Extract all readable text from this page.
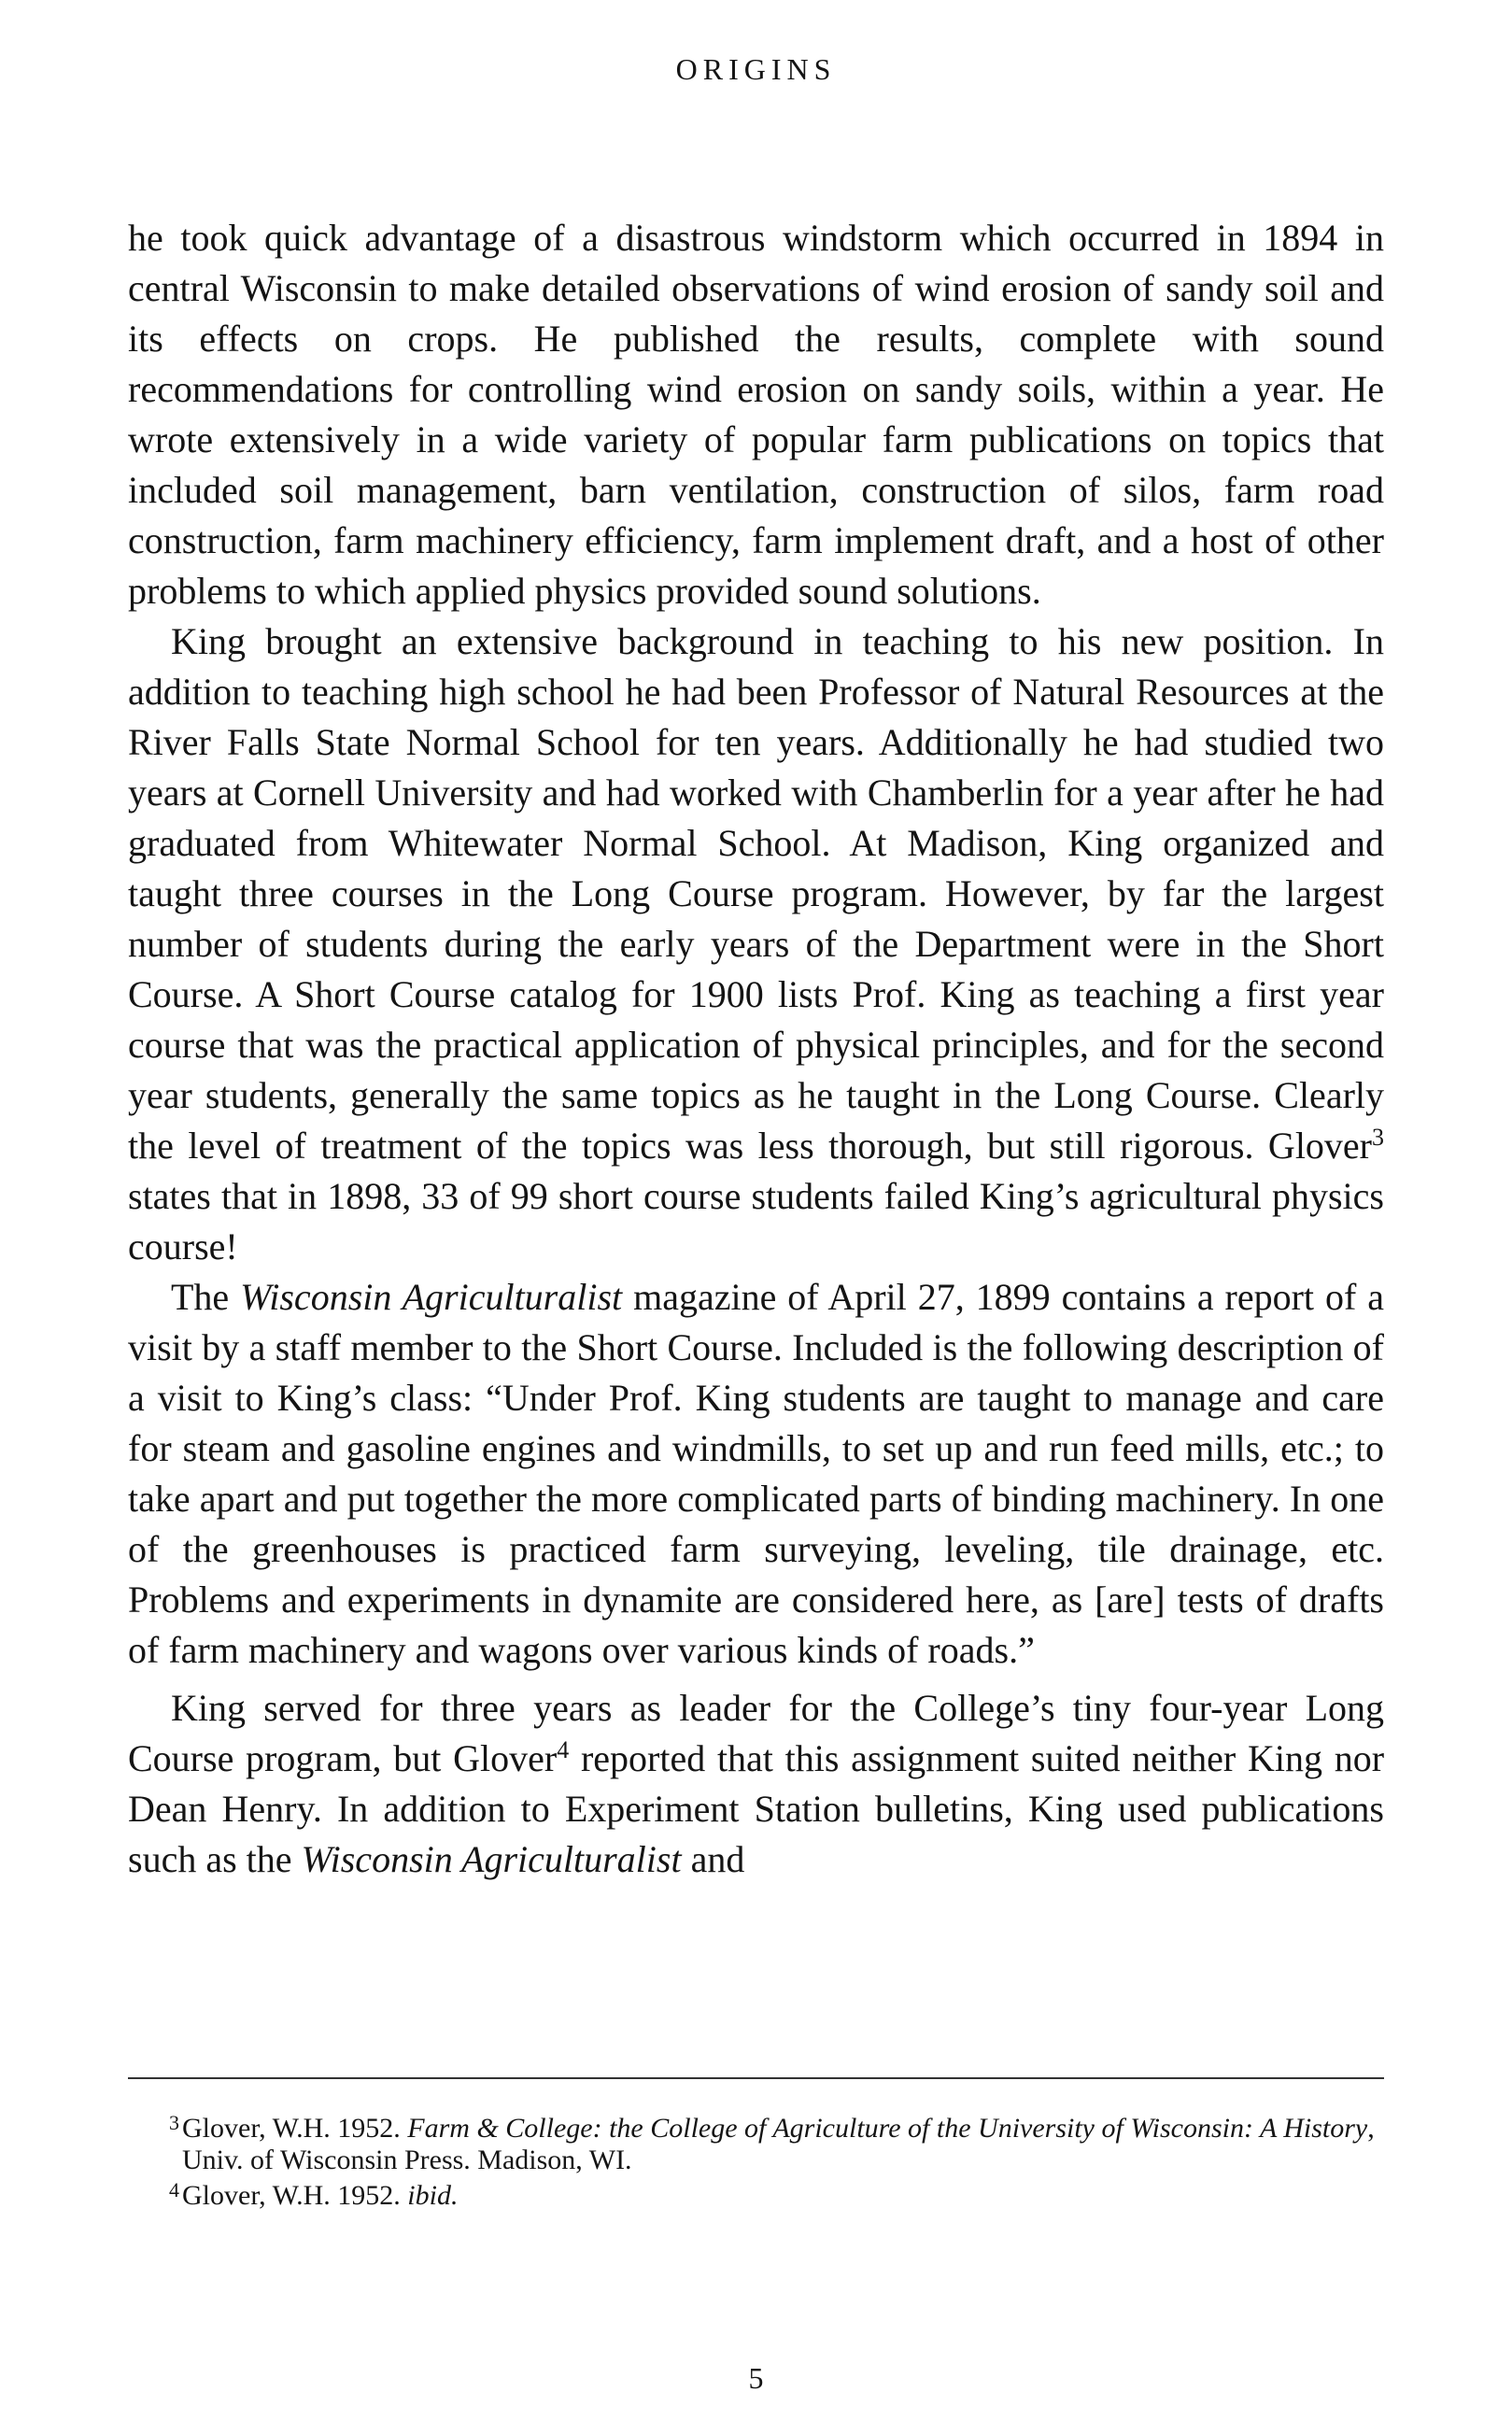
ORIGINS

he took quick advantage of a disastrous windstorm which occurred in 1894 in central Wisconsin to make detailed observations of wind erosion of sandy soil and its effects on crops. He published the results, complete with sound recommendations for controlling wind erosion on sandy soils, within a year. He wrote extensively in a wide variety of popular farm publications on topics that included soil management, barn ventilation, construction of silos, farm road construction, farm machinery efficiency, farm implement draft, and a host of other problems to which applied physics provided sound solutions.

King brought an extensive background in teaching to his new position. In addition to teaching high school he had been Professor of Natural Resources at the River Falls State Normal School for ten years. Additionally he had studied two years at Cornell University and had worked with Chamberlin for a year after he had graduated from Whitewater Normal School. At Madison, King organized and taught three courses in the Long Course program. However, by far the largest number of students during the early years of the Department were in the Short Course. A Short Course catalog for 1900 lists Prof. King as teaching a first year course that was the practical application of physical principles, and for the second year students, generally the same topics as he taught in the Long Course. Clearly the level of treatment of the topics was less thorough, but still rigorous. Glover$^3$ states that in 1898, 33 of 99 short course students failed King’s agricultural physics course!

The Wisconsin Agriculturalist magazine of April 27, 1899 contains a report of a visit by a staff member to the Short Course. Included is the following description of a visit to King’s class: “Under Prof. King students are taught to manage and care for steam and gasoline engines and windmills, to set up and run feed mills, etc.; to take apart and put together the more complicated parts of binding machinery. In one of the greenhouses is practiced farm surveying, leveling, tile drainage, etc. Problems and experiments in dynamite are considered here, as [are] tests of drafts of farm machinery and wagons over various kinds of roads.”

King served for three years as leader for the College’s tiny four-year Long Course program, but Glover$^4$ reported that this assignment suited neither King nor Dean Henry. In addition to Experiment Station bulletins, King used publications such as the Wisconsin Agriculturalist and

3 Glover, W.H. 1952. Farm & College: the College of Agriculture of the University of Wisconsin: A History, Univ. of Wisconsin Press. Madison, WI.
4 Glover, W.H. 1952. ibid.
5
